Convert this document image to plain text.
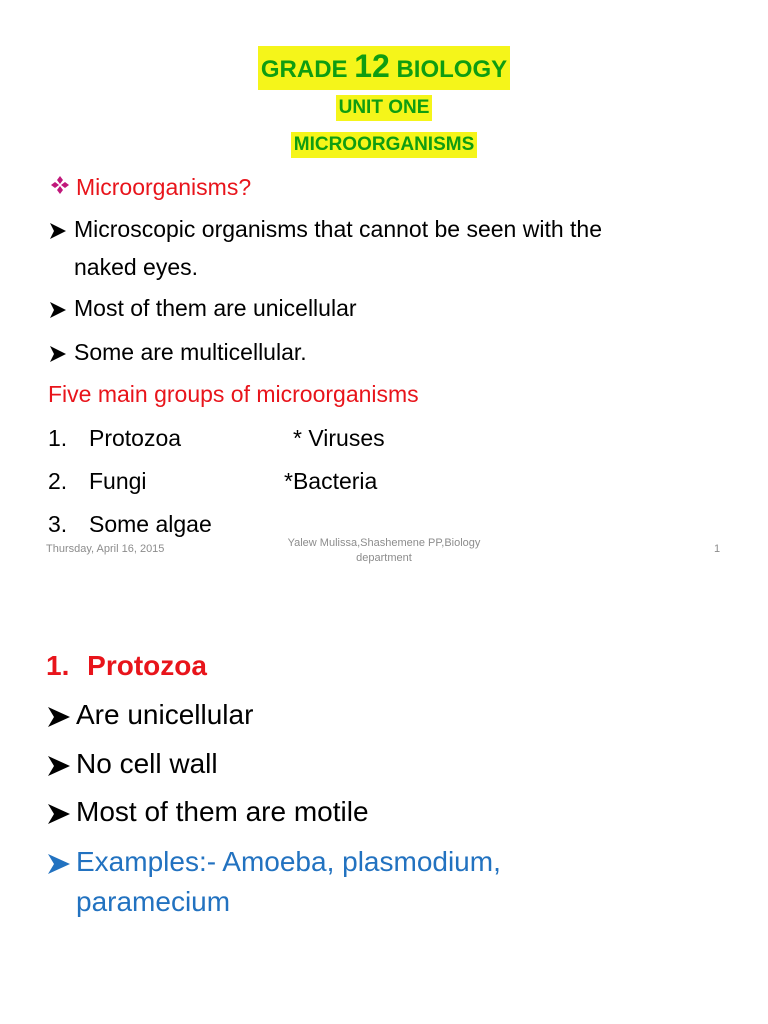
GRADE 12 BIOLOGY
UNIT ONE
MICROORGANISMS
Microorganisms?
Microscopic organisms that cannot be seen with the
naked eyes.
Most of them are unicellular
Some are multicellular.
Five main groups of microorganisms
1. Protozoa	* Viruses
2. Fungi	*Bacteria
3. Some algae
Thursday, April 16, 2015	Yalew Mulissa,Shashemene PP,Biology
department
1
1. Protozoa
Are unicellular
No cell wall
Most of them are motile
Examples:- Amoeba, plasmodium,
paramecium
